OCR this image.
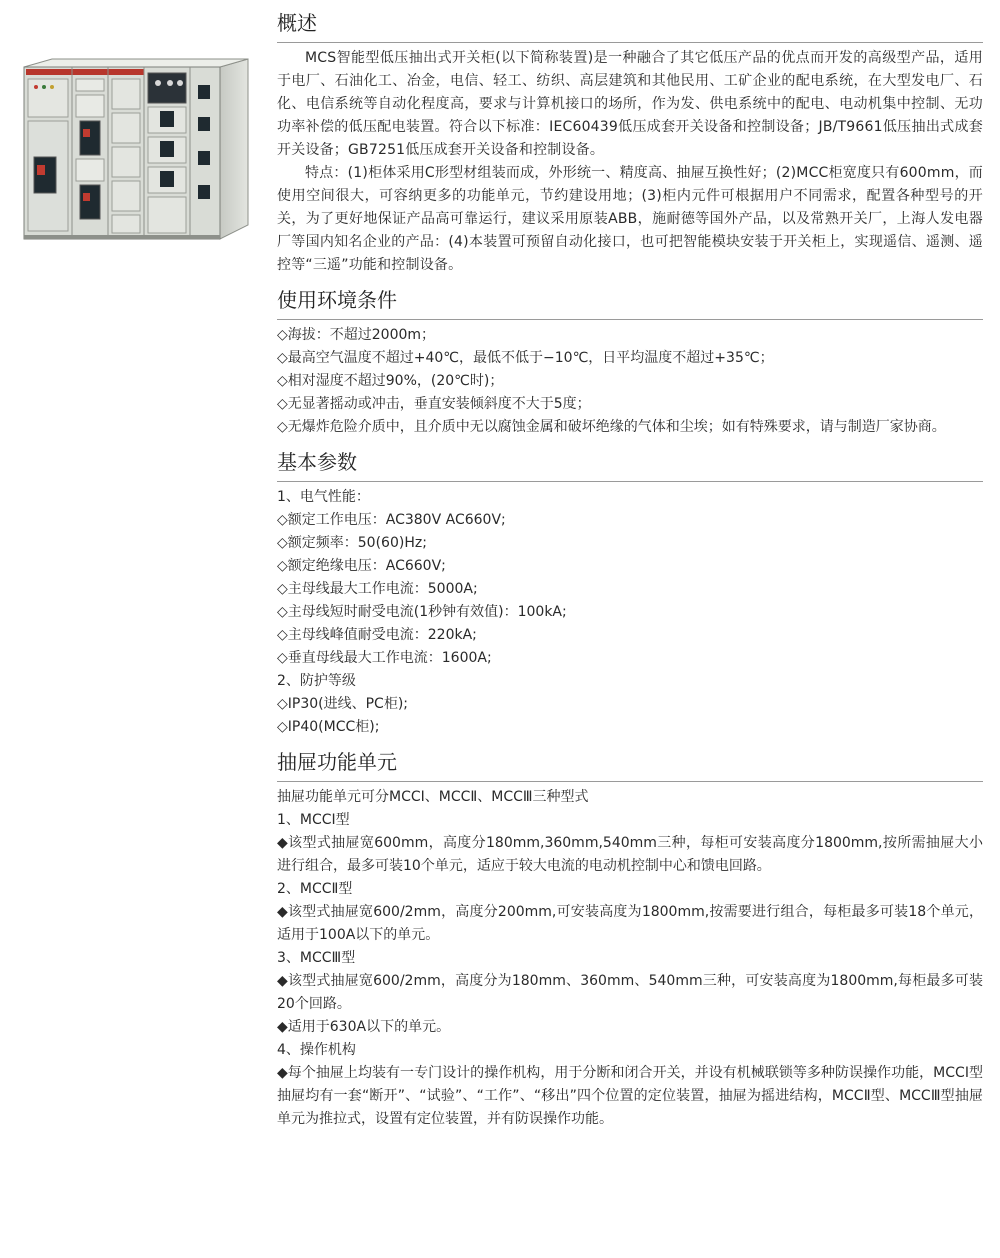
概述

MCS智能型低压抽出式开关柜(以下简称装置)是一种融合了其它低压产品的优点而开发的高级型产品，适用于电厂、石油化工、冶金，电信、轻工、纺织、高层建筑和其他民用、工矿企业的配电系统，在大型发电厂、石化、电信系统等自动化程度高，要求与计算机接口的场所，作为发、供电系统中的配电、电动机集中控制、无功功率补偿的低压配电装置。符合以下标准：IEC60439低压成套开关设备和控制设备；JB/T9661低压抽出式成套开关设备；GB7251低压成套开关设备和控制设备。

特点：(1)柜体采用C形型材组装而成，外形统一、精度高、抽屉互换性好；(2)MCC柜宽度只有600mm，而使用空间很大，可容纳更多的功能单元，节约建设用地；(3)柜内元件可根据用户不同需求，配置各种型号的开关，为了更好地保证产品高可靠运行，建议采用原装ABB，施耐德等国外产品，以及常熟开关厂，上海人发电器厂等国内知名企业的产品：(4)本装置可预留自动化接口，也可把智能模块安装于开关柜上，实现遥信、遥测、遥控等“三遥”功能和控制设备。

使用环境条件

◇海拔：不超过2000m；

◇最高空气温度不超过+40℃，最低不低于−10℃，日平均温度不超过+35℃；

◇相对湿度不超过90%，(20℃时)；

◇无显著摇动或冲击，垂直安装倾斜度不大于5度；

◇无爆炸危险介质中，且介质中无以腐蚀金属和破坏绝缘的气体和尘埃；如有特殊要求，请与制造厂家协商。

基本参数

1、电气性能：

◇额定工作电压：AC380V AC660V;

◇额定频率：50(60)Hz;

◇额定绝缘电压：AC660V;

◇主母线最大工作电流：5000A;

◇主母线短时耐受电流(1秒钟有效值)：100kA;

◇主母线峰值耐受电流：220kA;

◇垂直母线最大工作电流：1600A;

2、防护等级

◇IP30(进线、PC柜);

◇IP40(MCC柜);

抽屉功能单元

抽屉功能单元可分MCCⅠ、MCCⅡ、MCCⅢ三种型式

1、MCCⅠ型

◆该型式抽屉宽600mm，高度分180mm,360mm,540mm三种，每柜可安装高度分1800mm,按所需抽屉大小进行组合，最多可装10个单元，适应于较大电流的电动机控制中心和馈电回路。

2、MCCⅡ型

◆该型式抽屉宽600/2mm，高度分200mm,可安装高度为1800mm,按需要进行组合，每柜最多可装18个单元，适用于100A以下的单元。

3、MCCⅢ型

◆该型式抽屉宽600/2mm，高度分为180mm、360mm、540mm三种，可安装高度为1800mm,每柜最多可装20个回路。

◆适用于630A以下的单元。

4、操作机构

◆每个抽屉上均装有一专门设计的操作机构，用于分断和闭合开关，并设有机械联锁等多种防误操作功能，MCCⅠ型抽屉均有一套“断开”、“试验”、“工作”、“移出”四个位置的定位装置，抽屉为摇进结构，MCCⅡ型、MCCⅢ型抽屉单元为推拉式，设置有定位装置，并有防误操作功能。
